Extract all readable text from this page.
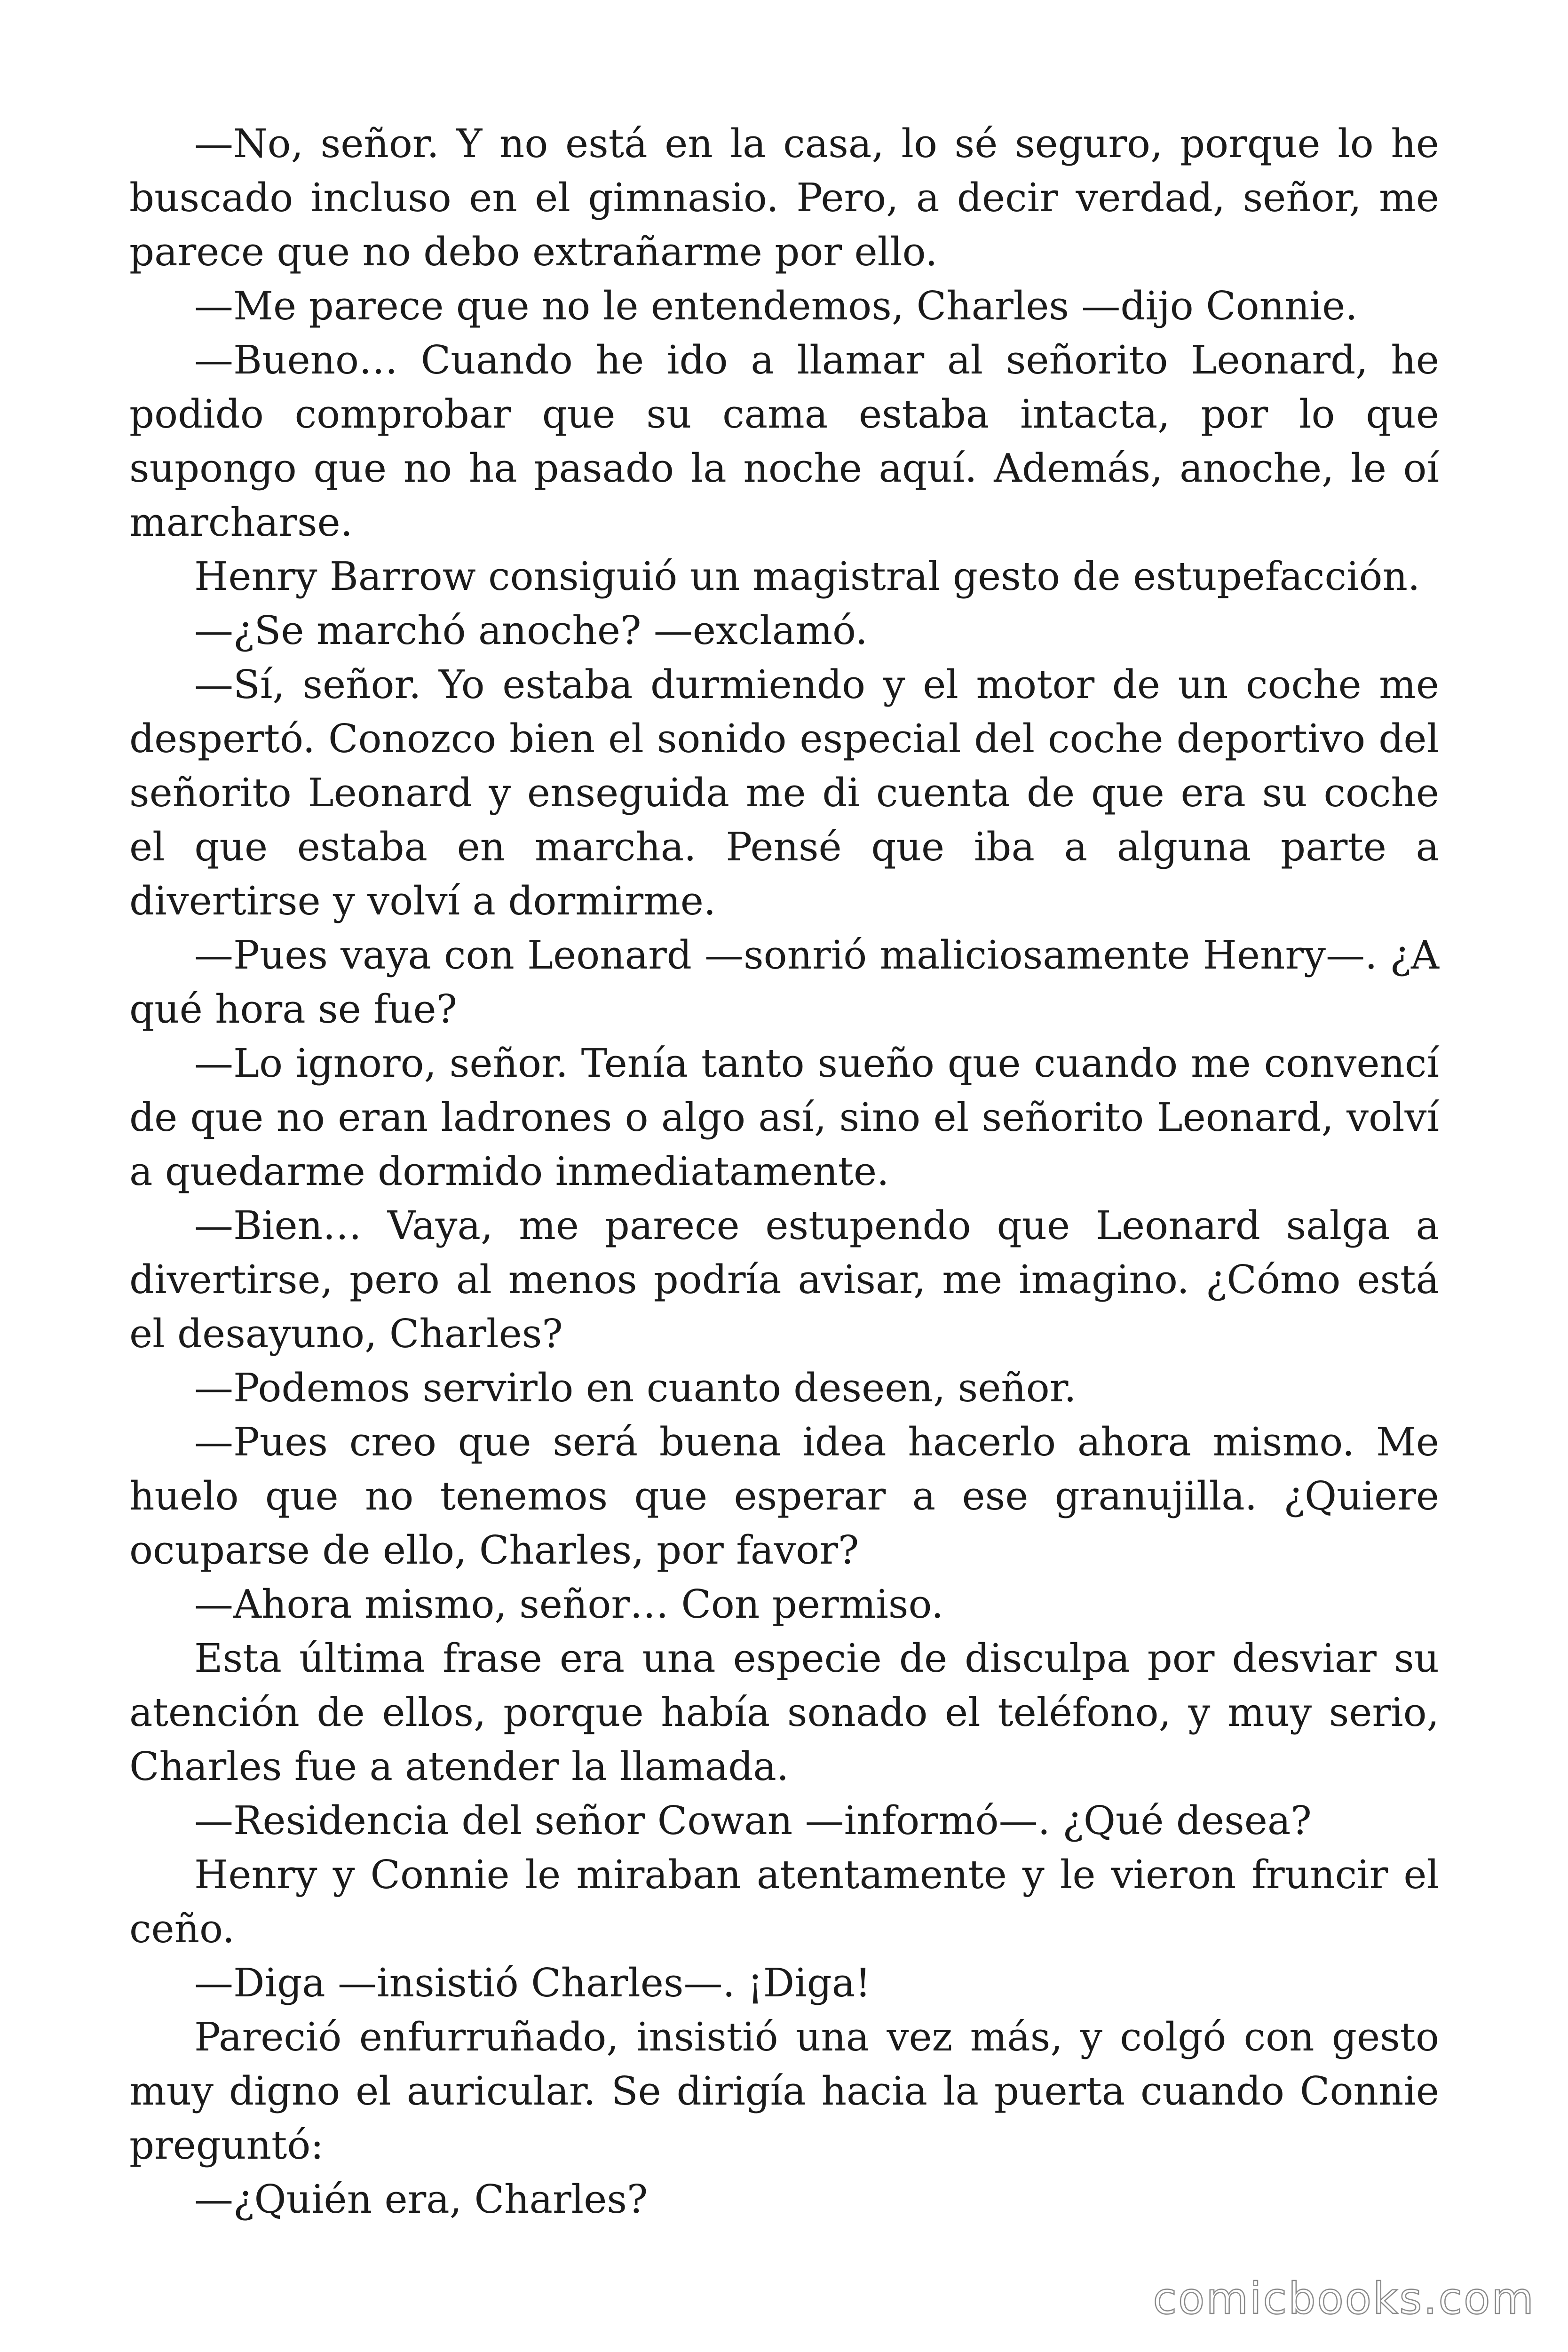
—No, señor. Y no está en la casa, lo sé seguro, porque lo he buscado incluso en el gimnasio. Pero, a decir verdad, señor, me parece que no debo extrañarme por ello.

—Me parece que no le entendemos, Charles —dijo Connie.

—Bueno… Cuando he ido a llamar al señorito Leonard, he podido comprobar que su cama estaba intacta, por lo que supongo que no ha pasado la noche aquí. Además, anoche, le oí marcharse.

Henry Barrow consiguió un magistral gesto de estupefacción.

—¿Se marchó anoche? —exclamó.

—Sí, señor. Yo estaba durmiendo y el motor de un coche me despertó. Conozco bien el sonido especial del coche deportivo del señorito Leonard y enseguida me di cuenta de que era su coche el que estaba en marcha. Pensé que iba a alguna parte a divertirse y volví a dormirme.

—Pues vaya con Leonard —sonrió maliciosamente Henry—. ¿A qué hora se fue?

—Lo ignoro, señor. Tenía tanto sueño que cuando me convencí de que no eran ladrones o algo así, sino el señorito Leonard, volví a quedarme dormido inmediatamente.

—Bien… Vaya, me parece estupendo que Leonard salga a divertirse, pero al menos podría avisar, me imagino. ¿Cómo está el desayuno, Charles?

—Podemos servirlo en cuanto deseen, señor.

—Pues creo que será buena idea hacerlo ahora mismo. Me huelo que no tenemos que esperar a ese granujilla. ¿Quiere ocuparse de ello, Charles, por favor?

—Ahora mismo, señor… Con permiso.

Esta última frase era una especie de disculpa por desviar su atención de ellos, porque había sonado el teléfono, y muy serio, Charles fue a atender la llamada.

—Residencia del señor Cowan —informó—. ¿Qué desea?

Henry y Connie le miraban atentamente y le vieron fruncir el ceño.

—Diga —insistió Charles—. ¡Diga!

Pareció enfurruñado, insistió una vez más, y colgó con gesto muy digno el auricular. Se dirigía hacia la puerta cuando Connie preguntó:

—¿Quién era, Charles?

comicbooks.com
